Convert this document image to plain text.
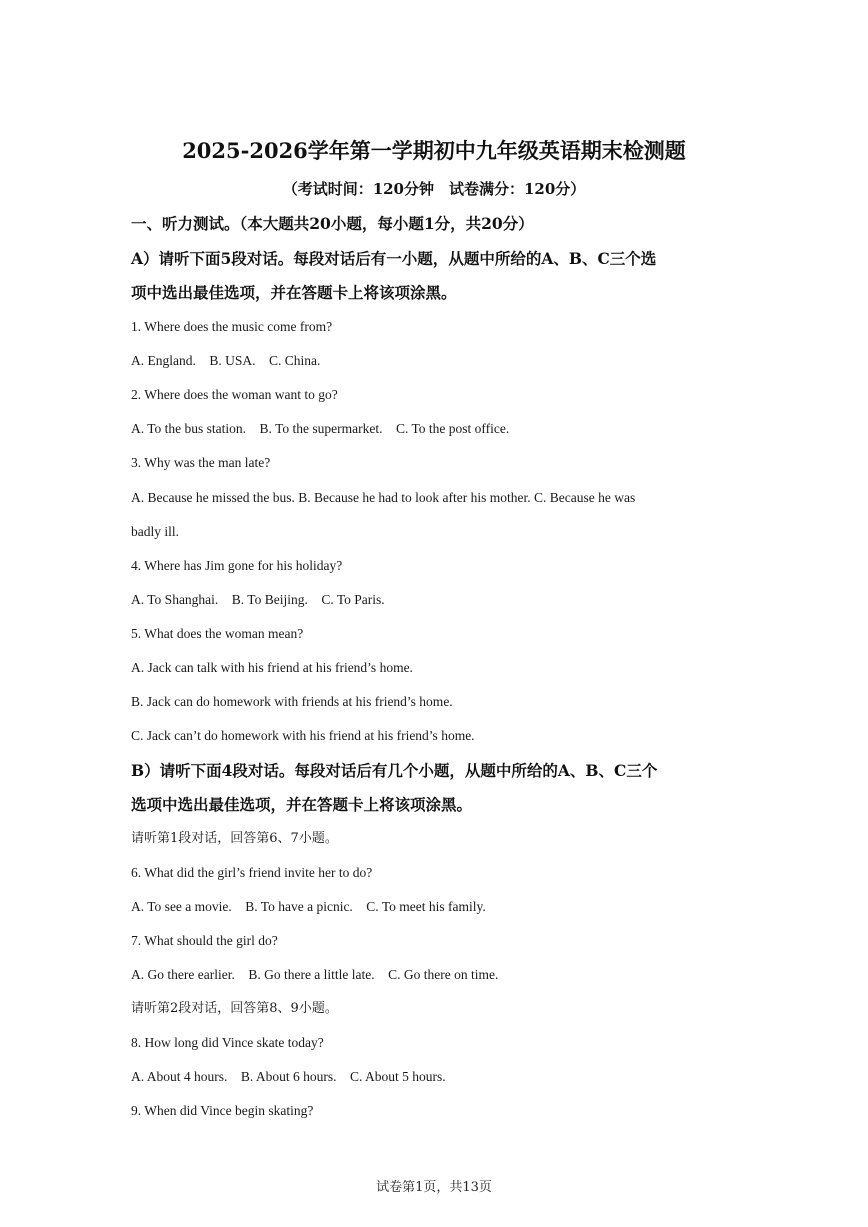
2025-2026学年第一学期初中九年级英语期末检测题
（考试时间：120分钟　试卷满分：120分）
一、听力测试。（本大题共20小题，每小题1分，共20分）
A）请听下面5段对话。每段对话后有一小题，从题中所给的A、B、C三个选
项中选出最佳选项，并在答题卡上将该项涂黑。
1. Where does the music come from?
A. England.　B. USA.　C. China.
2. Where does the woman want to go?
A. To the bus station.　B. To the supermarket.　C. To the post office.
3. Why was the man late?
A. Because he missed the bus. B. Because he had to look after his mother. C. Because he was
badly ill.
4. Where has Jim gone for his holiday?
A. To Shanghai.　B. To Beijing.　C. To Paris.
5. What does the woman mean?
A. Jack can talk with his friend at his friend’s home.
B. Jack can do homework with friends at his friend’s home.
C. Jack can’t do homework with his friend at his friend’s home.
B）请听下面4段对话。每段对话后有几个小题，从题中所给的A、B、C三个
选项中选出最佳选项，并在答题卡上将该项涂黑。
请听第1段对话，回答第6、7小题。
6. What did the girl’s friend invite her to do?
A. To see a movie.　B. To have a picnic.　C. To meet his family.
7. What should the girl do?
A. Go there earlier.　B. Go there a little late.　C. Go there on time.
请听第2段对话，回答第8、9小题。
8. How long did Vince skate today?
A. About 4 hours.　B. About 6 hours.　C. About 5 hours.
9. When did Vince begin skating?
试卷第1页，共13页
